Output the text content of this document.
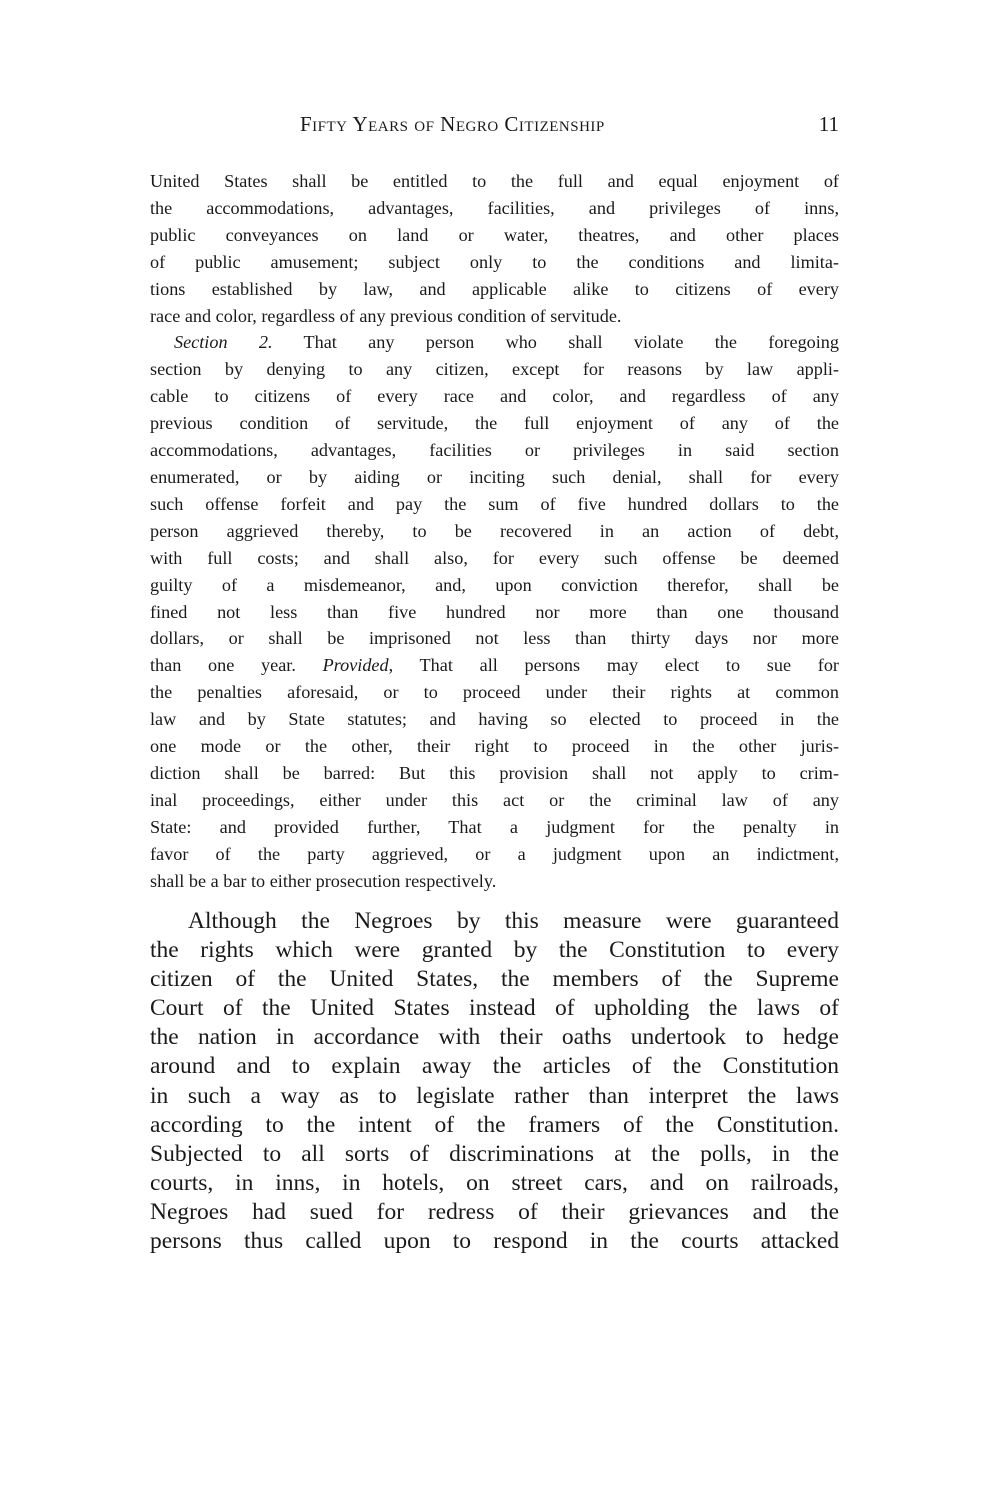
Fifty Years of Negro Citizenship	11
United States shall be entitled to the full and equal enjoyment of
the accommodations, advantages, facilities, and privileges of inns,
public conveyances on land or water, theatres, and other places
of public amusement; subject only to the conditions and limita-
tions established by law, and applicable alike to citizens of every
race and color, regardless of any previous condition of servitude.
Section 2. That any person who shall violate the foregoing
section by denying to any citizen, except for reasons by law appli-
cable to citizens of every race and color, and regardless of any
previous condition of servitude, the full enjoyment of any of the
accommodations, advantages, facilities or privileges in said section
enumerated, or by aiding or inciting such denial, shall for every
such offense forfeit and pay the sum of five hundred dollars to the
person aggrieved thereby, to be recovered in an action of debt,
with full costs; and shall also, for every such offense be deemed
guilty of a misdemeanor, and, upon conviction therefor, shall be
fined not less than five hundred nor more than one thousand
dollars, or shall be imprisoned not less than thirty days nor more
than one year. Provided, That all persons may elect to sue for
the penalties aforesaid, or to proceed under their rights at common
law and by State statutes; and having so elected to proceed in the
one mode or the other, their right to proceed in the other juris-
diction shall be barred: But this provision shall not apply to crim-
inal proceedings, either under this act or the criminal law of any
State: and provided further, That a judgment for the penalty in
favor of the party aggrieved, or a judgment upon an indictment,
shall be a bar to either prosecution respectively.
Although the Negroes by this measure were guaranteed
the rights which were granted by the Constitution to every
citizen of the United States, the members of the Supreme
Court of the United States instead of upholding the laws of
the nation in accordance with their oaths undertook to hedge
around and to explain away the articles of the Constitution
in such a way as to legislate rather than interpret the laws
according to the intent of the framers of the Constitution.
Subjected to all sorts of discriminations at the polls, in the
courts, in inns, in hotels, on street cars, and on railroads,
Negroes had sued for redress of their grievances and the
persons thus called upon to respond in the courts attacked
